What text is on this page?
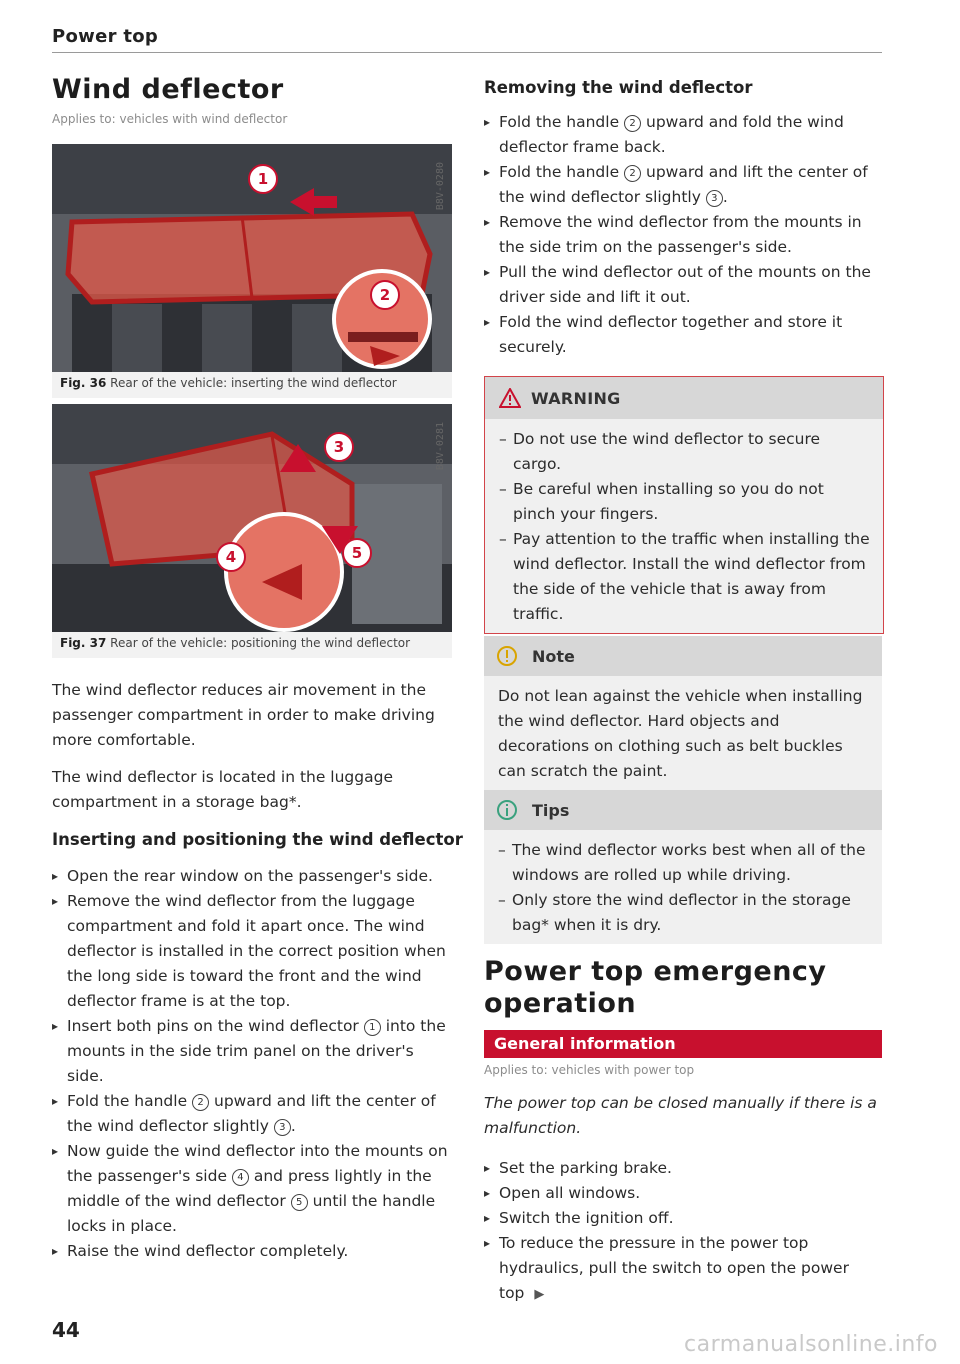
Power top
Wind deflector
Applies to: vehicles with wind deflector
B8V-0280
1
2
Fig. 36 Rear of the vehicle: inserting the wind deflector
B8V-0281
3
4	5
Fig. 37 Rear of the vehicle: positioning the wind deflector

The wind deflector reduces air movement in the passenger compartment in order to make driving more comfortable.

The wind deflector is located in the luggage compartment in a storage bag*.

Inserting and positioning the wind deflector
▸ Open the rear window on the passenger's side.
▸ Remove the wind deflector from the luggage compartment and fold it apart once. The wind deflector is installed in the correct position when the long side is toward the front and the wind deflector frame is at the top.
▸ Insert both pins on the wind deflector 1 into the mounts in the side trim panel on the driver's side.
▸ Fold the handle 2 upward and lift the center of the wind deflector slightly 3 .
▸ Now guide the wind deflector into the mounts on the passenger's side 4 and press lightly in the middle of the wind deflector 5 until the handle locks in place.
▸ Raise the wind deflector completely.
Removing the wind deflector
▸ Fold the handle 2 upward and fold the wind deflector frame back.
▸ Fold the handle 2 upward and lift the center of the wind deflector slightly 3 .
▸ Remove the wind deflector from the mounts in the side trim on the passenger's side.
▸ Pull the wind deflector out of the mounts on the driver side and lift it out.
▸ Fold the wind deflector together and store it securely.
WARNING
– Do not use the wind deflector to secure cargo.
– Be careful when installing so you do not pinch your fingers.
– Pay attention to the traffic when installing the wind deflector. Install the wind deflector from the side of the vehicle that is away from traffic.
Note
Do not lean against the vehicle when installing the wind deflector. Hard objects and decorations on clothing such as belt buckles can scratch the paint.
Tips
– The wind deflector works best when all of the windows are rolled up while driving.
– Only store the wind deflector in the storage bag* when it is dry.
Power top emergency operation
General information
Applies to: vehicles with power top
The power top can be closed manually if there is a malfunction.
▸ Set the parking brake.
▸ Open all windows.
▸ Switch the ignition off.
▸ To reduce the pressure in the power top hydraulics, pull the switch to open the power top ▶
44
carmanualsonline.info
